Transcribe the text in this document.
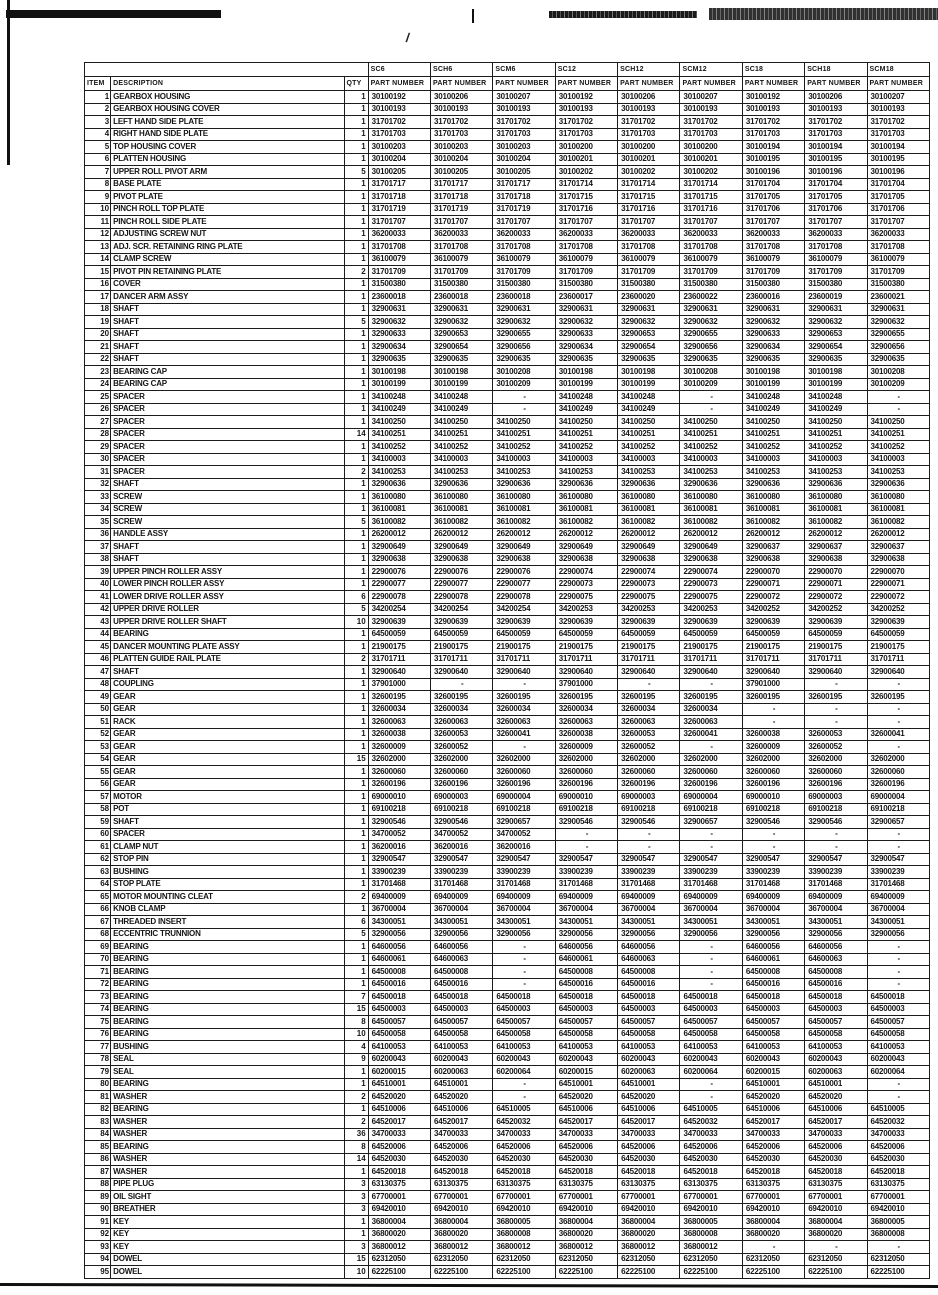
/
			SC6	SCH6	SCM6	SC12	SCH12	SCM12	SC18	SCH18	SCM18
ITEM	DESCRIPTION	QTY	PART NUMBER	PART NUMBER	PART NUMBER	PART NUMBER	PART NUMBER	PART NUMBER	PART NUMBER	PART NUMBER	PART NUMBER
1	GEARBOX HOUSING	1	30100192	30100206	30100207	30100192	30100206	30100207	30100192	30100206	30100207
2	GEARBOX HOUSING COVER	1	30100193	30100193	30100193	30100193	30100193	30100193	30100193	30100193	30100193
3	LEFT HAND SIDE PLATE	1	31701702	31701702	31701702	31701702	31701702	31701702	31701702	31701702	31701702
4	RIGHT HAND SIDE PLATE	1	31701703	31701703	31701703	31701703	31701703	31701703	31701703	31701703	31701703
5	TOP HOUSING COVER	1	30100203	30100203	30100203	30100200	30100200	30100200	30100194	30100194	30100194
6	PLATTEN HOUSING	1	30100204	30100204	30100204	30100201	30100201	30100201	30100195	30100195	30100195
7	UPPER ROLL PIVOT ARM	5	30100205	30100205	30100205	30100202	30100202	30100202	30100196	30100196	30100196
8	BASE PLATE	1	31701717	31701717	31701717	31701714	31701714	31701714	31701704	31701704	31701704
9	PIVOT PLATE	1	31701718	31701718	31701718	31701715	31701715	31701715	31701705	31701705	31701705
10	PINCH ROLL TOP PLATE	1	31701719	31701719	31701719	31701716	31701716	31701716	31701706	31701706	31701706
11	PINCH ROLL SIDE PLATE	1	31701707	31701707	31701707	31701707	31701707	31701707	31701707	31701707	31701707
12	ADJUSTING SCREW NUT	1	36200033	36200033	36200033	36200033	36200033	36200033	36200033	36200033	36200033
13	ADJ. SCR. RETAINING RING PLATE	1	31701708	31701708	31701708	31701708	31701708	31701708	31701708	31701708	31701708
14	CLAMP SCREW	1	36100079	36100079	36100079	36100079	36100079	36100079	36100079	36100079	36100079
15	PIVOT PIN RETAINING PLATE	2	31701709	31701709	31701709	31701709	31701709	31701709	31701709	31701709	31701709
16	COVER	1	31500380	31500380	31500380	31500380	31500380	31500380	31500380	31500380	31500380
17	DANCER ARM ASSY	1	23600018	23600018	23600018	23600017	23600020	23600022	23600016	23600019	23600021
18	SHAFT	1	32900631	32900631	32900631	32900631	32900631	32900631	32900631	32900631	32900631
19	SHAFT	5	32900632	32900632	32900632	32900632	32900632	32900632	32900632	32900632	32900632
20	SHAFT	1	32900633	32900653	32900655	32900633	32900653	32900655	32900633	32900653	32900655
21	SHAFT	1	32900634	32900654	32900656	32900634	32900654	32900656	32900634	32900654	32900656
22	SHAFT	1	32900635	32900635	32900635	32900635	32900635	32900635	32900635	32900635	32900635
23	BEARING CAP	1	30100198	30100198	30100208	30100198	30100198	30100208	30100198	30100198	30100208
24	BEARING CAP	1	30100199	30100199	30100209	30100199	30100199	30100209	30100199	30100199	30100209
25	SPACER	1	34100248	34100248	-	34100248	34100248	-	34100248	34100248	-
26	SPACER	1	34100249	34100249	-	34100249	34100249	-	34100249	34100249	-
27	SPACER	1	34100250	34100250	34100250	34100250	34100250	34100250	34100250	34100250	34100250
28	SPACER	14	34100251	34100251	34100251	34100251	34100251	34100251	34100251	34100251	34100251
29	SPACER	1	34100252	34100252	34100252	34100252	34100252	34100252	34100252	34100252	34100252
30	SPACER	1	34100003	34100003	34100003	34100003	34100003	34100003	34100003	34100003	34100003
31	SPACER	2	34100253	34100253	34100253	34100253	34100253	34100253	34100253	34100253	34100253
32	SHAFT	1	32900636	32900636	32900636	32900636	32900636	32900636	32900636	32900636	32900636
33	SCREW	1	36100080	36100080	36100080	36100080	36100080	36100080	36100080	36100080	36100080
34	SCREW	1	36100081	36100081	36100081	36100081	36100081	36100081	36100081	36100081	36100081
35	SCREW	5	36100082	36100082	36100082	36100082	36100082	36100082	36100082	36100082	36100082
36	HANDLE ASSY	1	26200012	26200012	26200012	26200012	26200012	26200012	26200012	26200012	26200012
37	SHAFT	1	32900649	32900649	32900649	32900649	32900649	32900649	32900637	32900637	32900637
38	SHAFT	1	32900638	32900638	32900638	32900638	32900638	32900638	32900638	32900638	32900638
39	UPPER PINCH ROLLER ASSY	1	22900076	22900076	22900076	22900074	22900074	22900074	22900070	22900070	22900070
40	LOWER PINCH ROLLER ASSY	1	22900077	22900077	22900077	22900073	22900073	22900073	22900071	22900071	22900071
41	LOWER DRIVE ROLLER ASSY	6	22900078	22900078	22900078	22900075	22900075	22900075	22900072	22900072	22900072
42	UPPER DRIVE ROLLER	5	34200254	34200254	34200254	34200253	34200253	34200253	34200252	34200252	34200252
43	UPPER DRIVE ROLLER SHAFT	10	32900639	32900639	32900639	32900639	32900639	32900639	32900639	32900639	32900639
44	BEARING	1	64500059	64500059	64500059	64500059	64500059	64500059	64500059	64500059	64500059
45	DANCER MOUNTING PLATE ASSY	1	21900175	21900175	21900175	21900175	21900175	21900175	21900175	21900175	21900175
46	PLATTEN GUIDE RAIL PLATE	2	31701711	31701711	31701711	31701711	31701711	31701711	31701711	31701711	31701711
47	SHAFT	1	32900640	32900640	32900640	32900640	32900640	32900640	32900640	32900640	32900640
48	COUPLING	1	37901000	-	-	37901000	-	-	37901000	-	-
49	GEAR	1	32600195	32600195	32600195	32600195	32600195	32600195	32600195	32600195	32600195
50	GEAR	1	32600034	32600034	32600034	32600034	32600034	32600034	-	-	-
51	RACK	1	32600063	32600063	32600063	32600063	32600063	32600063	-	-	-
52	GEAR	1	32600038	32600053	32600041	32600038	32600053	32600041	32600038	32600053	32600041
53	GEAR	1	32600009	32600052	-	32600009	32600052	-	32600009	32600052	-
54	GEAR	15	32602000	32602000	32602000	32602000	32602000	32602000	32602000	32602000	32602000
55	GEAR	1	32600060	32600060	32600060	32600060	32600060	32600060	32600060	32600060	32600060
56	GEAR	1	32600196	32600196	32600196	32600196	32600196	32600196	32600196	32600196	32600196
57	MOTOR	1	69000010	69000003	69000004	69000010	69000003	69000004	69000010	69000003	69000004
58	POT	1	69100218	69100218	69100218	69100218	69100218	69100218	69100218	69100218	69100218
59	SHAFT	1	32900546	32900546	32900657	32900546	32900546	32900657	32900546	32900546	32900657
60	SPACER	1	34700052	34700052	34700052	-	-	-	-	-	-
61	CLAMP NUT	1	36200016	36200016	36200016	-	-	-	-	-	-
62	STOP PIN	1	32900547	32900547	32900547	32900547	32900547	32900547	32900547	32900547	32900547
63	BUSHING	1	33900239	33900239	33900239	33900239	33900239	33900239	33900239	33900239	33900239
64	STOP PLATE	1	31701468	31701468	31701468	31701468	31701468	31701468	31701468	31701468	31701468
65	MOTOR MOUNTING CLEAT	2	69400009	69400009	69400009	69400009	69400009	69400009	69400009	69400009	69400009
66	KNOB CLAMP	1	36700004	36700004	36700004	36700004	36700004	36700004	36700004	36700004	36700004
67	THREADED INSERT	6	34300051	34300051	34300051	34300051	34300051	34300051	34300051	34300051	34300051
68	ECCENTRIC TRUNNION	5	32900056	32900056	32900056	32900056	32900056	32900056	32900056	32900056	32900056
69	BEARING	1	64600056	64600056	-	64600056	64600056	-	64600056	64600056	-
70	BEARING	1	64600061	64600063	-	64600061	64600063	-	64600061	64600063	-
71	BEARING	1	64500008	64500008	-	64500008	64500008	-	64500008	64500008	-
72	BEARING	1	64500016	64500016	-	64500016	64500016	-	64500016	64500016	-
73	BEARING	7	64500018	64500018	64500018	64500018	64500018	64500018	64500018	64500018	64500018
74	BEARING	15	64500003	64500003	64500003	64500003	64500003	64500003	64500003	64500003	64500003
75	BEARING	8	64500057	64500057	64500057	64500057	64500057	64500057	64500057	64500057	64500057
76	BEARING	10	64500058	64500058	64500058	64500058	64500058	64500058	64500058	64500058	64500058
77	BUSHING	4	64100053	64100053	64100053	64100053	64100053	64100053	64100053	64100053	64100053
78	SEAL	9	60200043	60200043	60200043	60200043	60200043	60200043	60200043	60200043	60200043
79	SEAL	1	60200015	60200063	60200064	60200015	60200063	60200064	60200015	60200063	60200064
80	BEARING	1	64510001	64510001	-	64510001	64510001	-	64510001	64510001	-
81	WASHER	2	64520020	64520020	-	64520020	64520020	-	64520020	64520020	-
82	BEARING	1	64510006	64510006	64510005	64510006	64510006	64510005	64510006	64510006	64510005
83	WASHER	2	64520017	64520017	64520032	64520017	64520017	64520032	64520017	64520017	64520032
84	WASHER	36	34700033	34700033	34700033	34700033	34700033	34700033	34700033	34700033	34700033
85	BEARING	8	64520006	64520006	64520006	64520006	64520006	64520006	64520006	64520006	64520006
86	WASHER	14	64520030	64520030	64520030	64520030	64520030	64520030	64520030	64520030	64520030
87	WASHER	1	64520018	64520018	64520018	64520018	64520018	64520018	64520018	64520018	64520018
88	PIPE PLUG	3	63130375	63130375	63130375	63130375	63130375	63130375	63130375	63130375	63130375
89	OIL SIGHT	3	67700001	67700001	67700001	67700001	67700001	67700001	67700001	67700001	67700001
90	BREATHER	3	69420010	69420010	69420010	69420010	69420010	69420010	69420010	69420010	69420010
91	KEY	1	36800004	36800004	36800005	36800004	36800004	36800005	36800004	36800004	36800005
92	KEY	1	36800020	36800020	36800008	36800020	36800020	36800008	36800020	36800020	36800008
93	KEY	3	36800012	36800012	36800012	36800012	36800012	36800012	-	-	-
94	DOWEL	15	62312050	62312050	62312050	62312050	62312050	62312050	62312050	62312050	62312050
95	DOWEL	10	62225100	62225100	62225100	62225100	62225100	62225100	62225100	62225100	62225100
